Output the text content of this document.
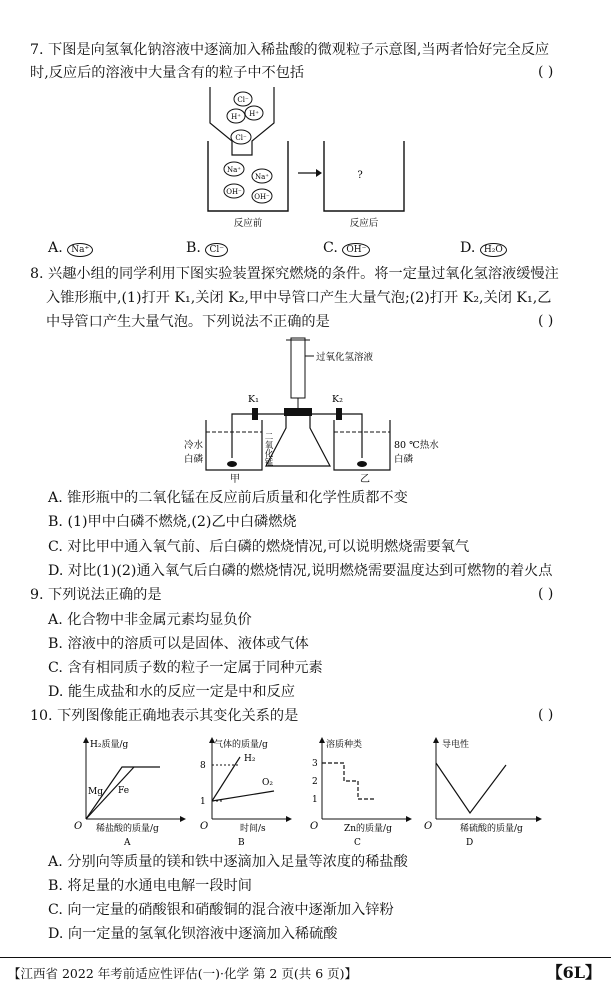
7. 下图是向氢氧化钠溶液中逐滴加入稀盐酸的微观粒子示意图,当两者恰好完全反应
时,反应后的溶液中大量含有的粒子中不包括	( )
Cl⁻
H⁺ H⁺
Cl⁻
Na⁺
Na⁺
OH⁻
OH⁻
?
反应前	反应后
A. Na⁺	B. Cl⁻	C. OH⁻	D. H₂O
8. 兴趣小组的同学利用下图实验装置探究燃烧的条件。将一定量过氧化氢溶液缓慢注
入锥形瓶中,(1)打开 K₁,关闭 K₂,甲中导管口产生大量气泡;(2)打开 K₂,关闭 K₁,乙
中导管口产生大量气泡。下列说法不正确的是	( )
过氧化氢溶液
K₁	K₂
二氧化锰
冷水
白磷
80 ℃热水
白磷
甲	乙
A. 锥形瓶中的二氧化锰在反应前后质量和化学性质都不变
B. (1)甲中白磷不燃烧,(2)乙中白磷燃烧
C. 对比甲中通入氧气前、后白磷的燃烧情况,可以说明燃烧需要氧气
D. 对比(1)(2)通入氧气后白磷的燃烧情况,说明燃烧需要温度达到可燃物的着火点
9. 下列说法正确的是	( )
A. 化合物中非金属元素均显负价
B. 溶液中的溶质可以是固体、液体或气体
C. 含有相同质子数的粒子一定属于同种元素
D. 能生成盐和水的反应一定是中和反应
10. 下列图像能正确地表示其变化关系的是	( )
H₂质量/g
Mg Fe
O 稀盐酸的质量/g
A
气体的质量/g
8
1
H₂
O₂
O	时间/s
B
溶质种类
3
2
1
O	Zn的质量/g
C
导电性
O	稀硫酸的质量/g
D
A. 分别向等质量的镁和铁中逐滴加入足量等浓度的稀盐酸
B. 将足量的水通电电解一段时间
C. 向一定量的硝酸银和硝酸铜的混合液中逐渐加入锌粉
D. 向一定量的氢氧化钡溶液中逐滴加入稀硫酸
【江西省 2022 年考前适应性评估(一)·化学 第 2 页(共 6 页)】	【6L】
